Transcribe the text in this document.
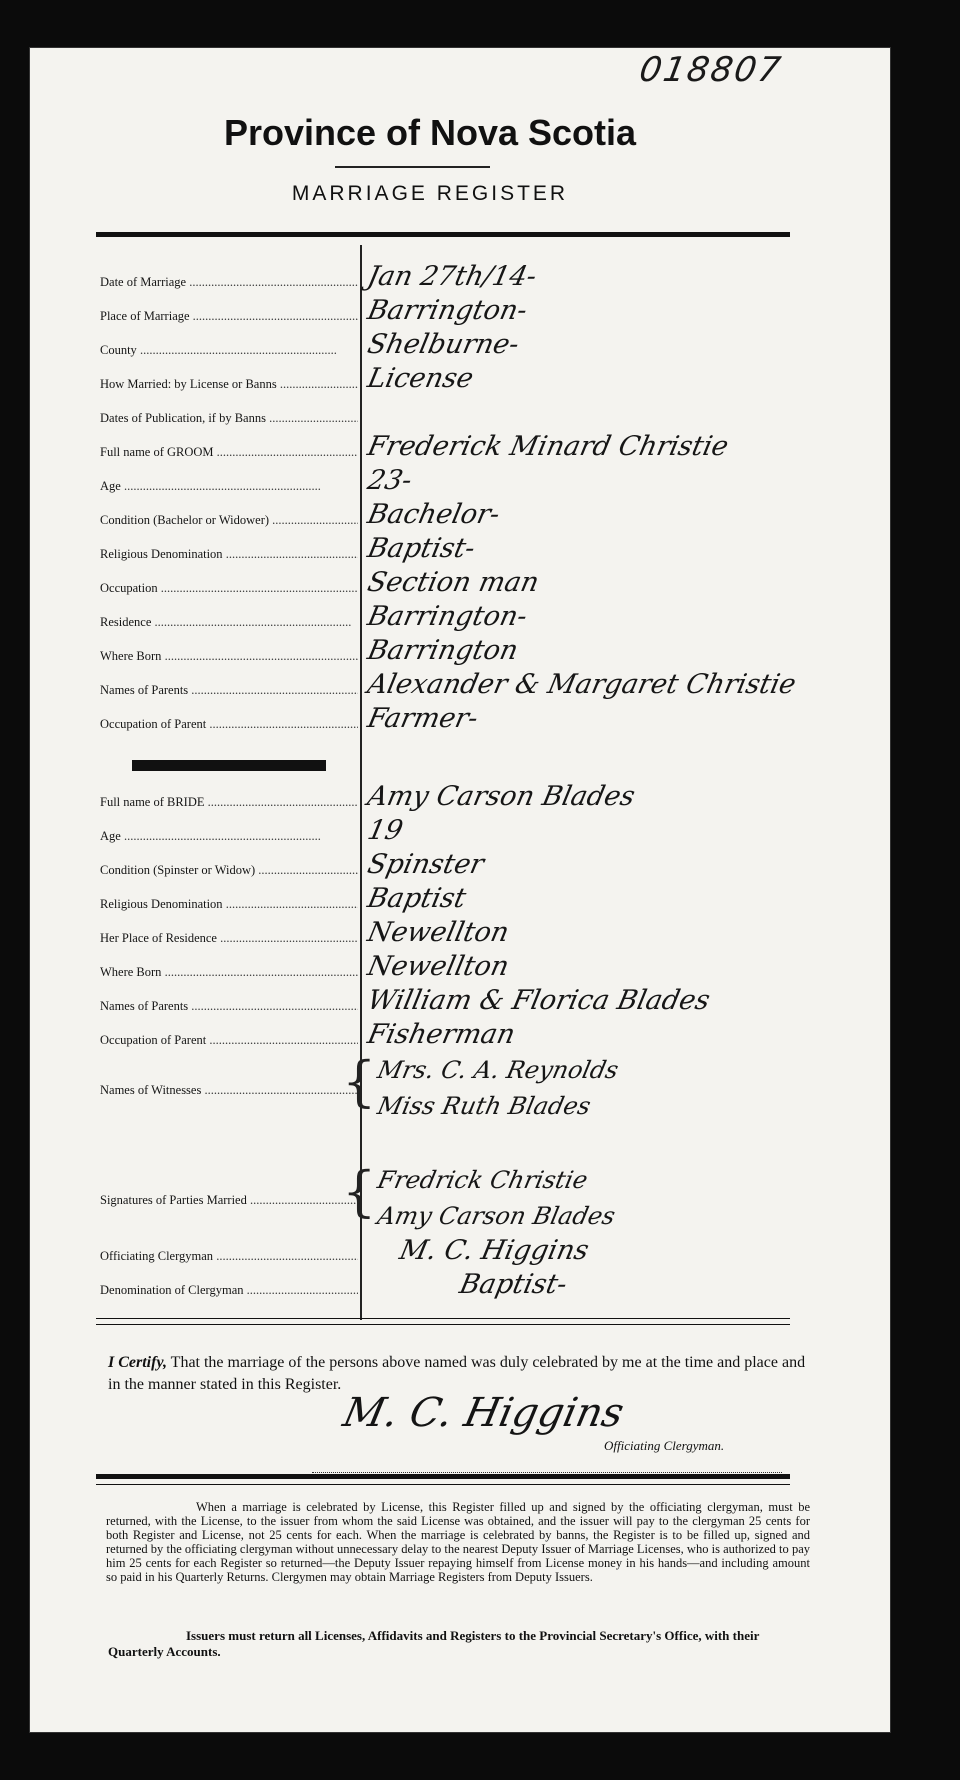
018807
Province of Nova Scotia
MARRIAGE REGISTER
Date of Marriage .....	Jan 27th/14-
Place of Marriage .....	Barrington-
County .....	Shelburne-
How Married: by License or Banns .....	License
Dates of Publication, if by Banns .....
Full name of GROOM .....	Frederick Minard Christie
Age .....	23-
Condition (Bachelor or Widower) .....	Bachelor-
Religious Denomination .....	Baptist-
Occupation .....	Section man
Residence .....	Barrington-
Where Born .....	Barrington
Names of Parents .....	Alexander & Margaret Christie
Occupation of Parent .....	Farmer-
Full name of BRIDE .....	Amy Carson Blades
Age .....	19
Condition (Spinster or Widow) .....	Spinster
Religious Denomination .....	Baptist
Her Place of Residence .....	Newellton
Where Born .....	Newellton
Names of Parents .....	William & Florica Blades
Occupation of Parent .....	Fisherman
Names of Witnesses .....
Mrs. C. A. Reynolds
Miss Ruth Blades
Signatures of Parties Married .....
Fredrick Christie
Amy Carson Blades
Officiating Clergyman .....	M. C. Higgins
Denomination of Clergyman .....	Baptist-
{
{
I Certify, That the marriage of the persons above named was duly celebrated by me at the time and place and in the manner stated in this Register.
M. C. Higgins
Officiating Clergyman.

When a marriage is celebrated by License, this Register filled up and signed by the officiating clergyman, must be returned, with the License, to the issuer from whom the said License was obtained, and the issuer will pay to the clergyman 25 cents for both Register and License, not 25 cents for each. When the marriage is celebrated by banns, the Register is to be filled up, signed and returned by the officiating clergyman without unnecessary delay to the nearest Deputy Issuer of Marriage Licenses, who is authorized to pay him 25 cents for each Register so returned—the Deputy Issuer repaying himself from License money in his hands—and including amount so paid in his Quarterly Returns. Clergymen may obtain Marriage Registers from Deputy Issuers.

Issuers must return all Licenses, Affidavits and Registers to the Provincial Secretary's Office, with their Quarterly Accounts.
